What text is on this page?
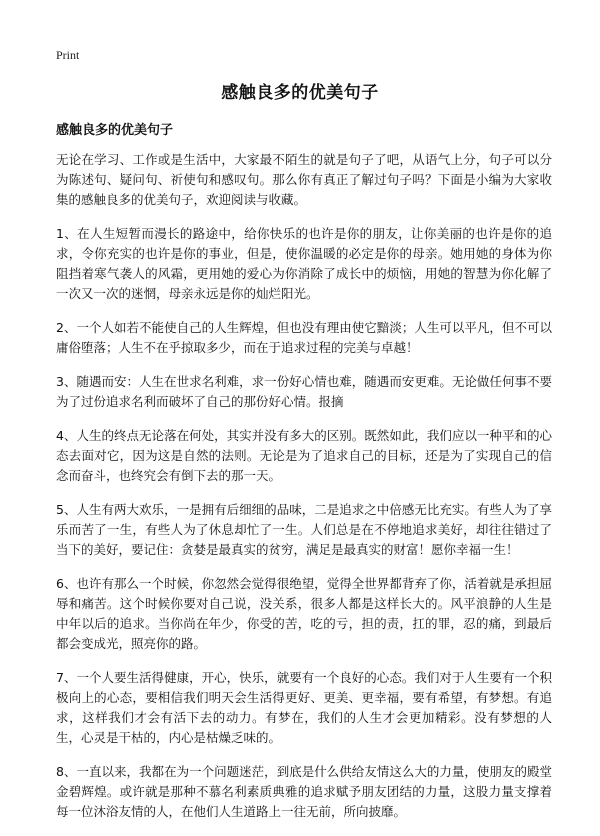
Print
感触良多的优美句子
感触良多的优美句子

无论在学习、工作或是生活中，大家最不陌生的就是句子了吧，从语气上分，句子可以分为陈述句、疑问句、祈使句和感叹句。那么你有真正了解过句子吗？下面是小编为大家收集的感触良多的优美句子，欢迎阅读与收藏。

1、在人生短暂而漫长的路途中，给你快乐的也许是你的朋友，让你美丽的也许是你的追求，令你充实的也许是你的事业，但是，使你温暖的必定是你的母亲。她用她的身体为你阻挡着寒气袭人的风霜，更用她的爱心为你消除了成长中的烦恼，用她的智慧为你化解了一次又一次的迷惘，母亲永远是你的灿烂阳光。

2、一个人如若不能使自己的人生辉煌，但也没有理由使它黯淡；人生可以平凡，但不可以庸俗堕落；人生不在乎掠取多少，而在于追求过程的完美与卓越！

3、随遇而安：人生在世求名利难，求一份好心情也难，随遇而安更难。无论做任何事不要为了过份追求名利而破坏了自己的那份好心情。报摘

4、人生的终点无论落在何处，其实并没有多大的区别。既然如此，我们应以一种平和的心态去面对它，因为这是自然的法则。无论是为了追求自己的目标，还是为了实现自己的信念而奋斗，也终究会有倒下去的那一天。

5、人生有两大欢乐，一是拥有后细细的品味，二是追求之中倍感无比充实。有些人为了享乐而苦了一生，有些人为了休息却忙了一生。人们总是在不停地追求美好，却往往错过了当下的美好，要记住：贪婪是最真实的贫穷，满足是最真实的财富！愿你幸福一生！

6、也许有那么一个时候，你忽然会觉得很绝望，觉得全世界都背弃了你，活着就是承担屈辱和痛苦。这个时候你要对自己说，没关系，很多人都是这样长大的。风平浪静的人生是中年以后的追求。当你尚在年少，你受的苦，吃的亏，担的责，扛的罪，忍的痛，到最后都会变成光，照亮你的路。

7、一个人要生活得健康，开心，快乐，就要有一个良好的心态。我们对于人生要有一个积极向上的心态，要相信我们明天会生活得更好、更美、更幸福，要有希望，有梦想。有追求，这样我们才会有活下去的动力。有梦在，我们的人生才会更加精彩。没有梦想的人生，心灵是干枯的，内心是枯燥乏味的。

8、一直以来，我都在为一个问题迷茫，到底是什么供给友情这么大的力量，使朋友的殿堂金碧辉煌。或许就是那种不慕名利素质典雅的追求赋予朋友团结的力量，这股力量支撑着每一位沐浴友情的人，在他们人生道路上一往无前，所向披靡。
